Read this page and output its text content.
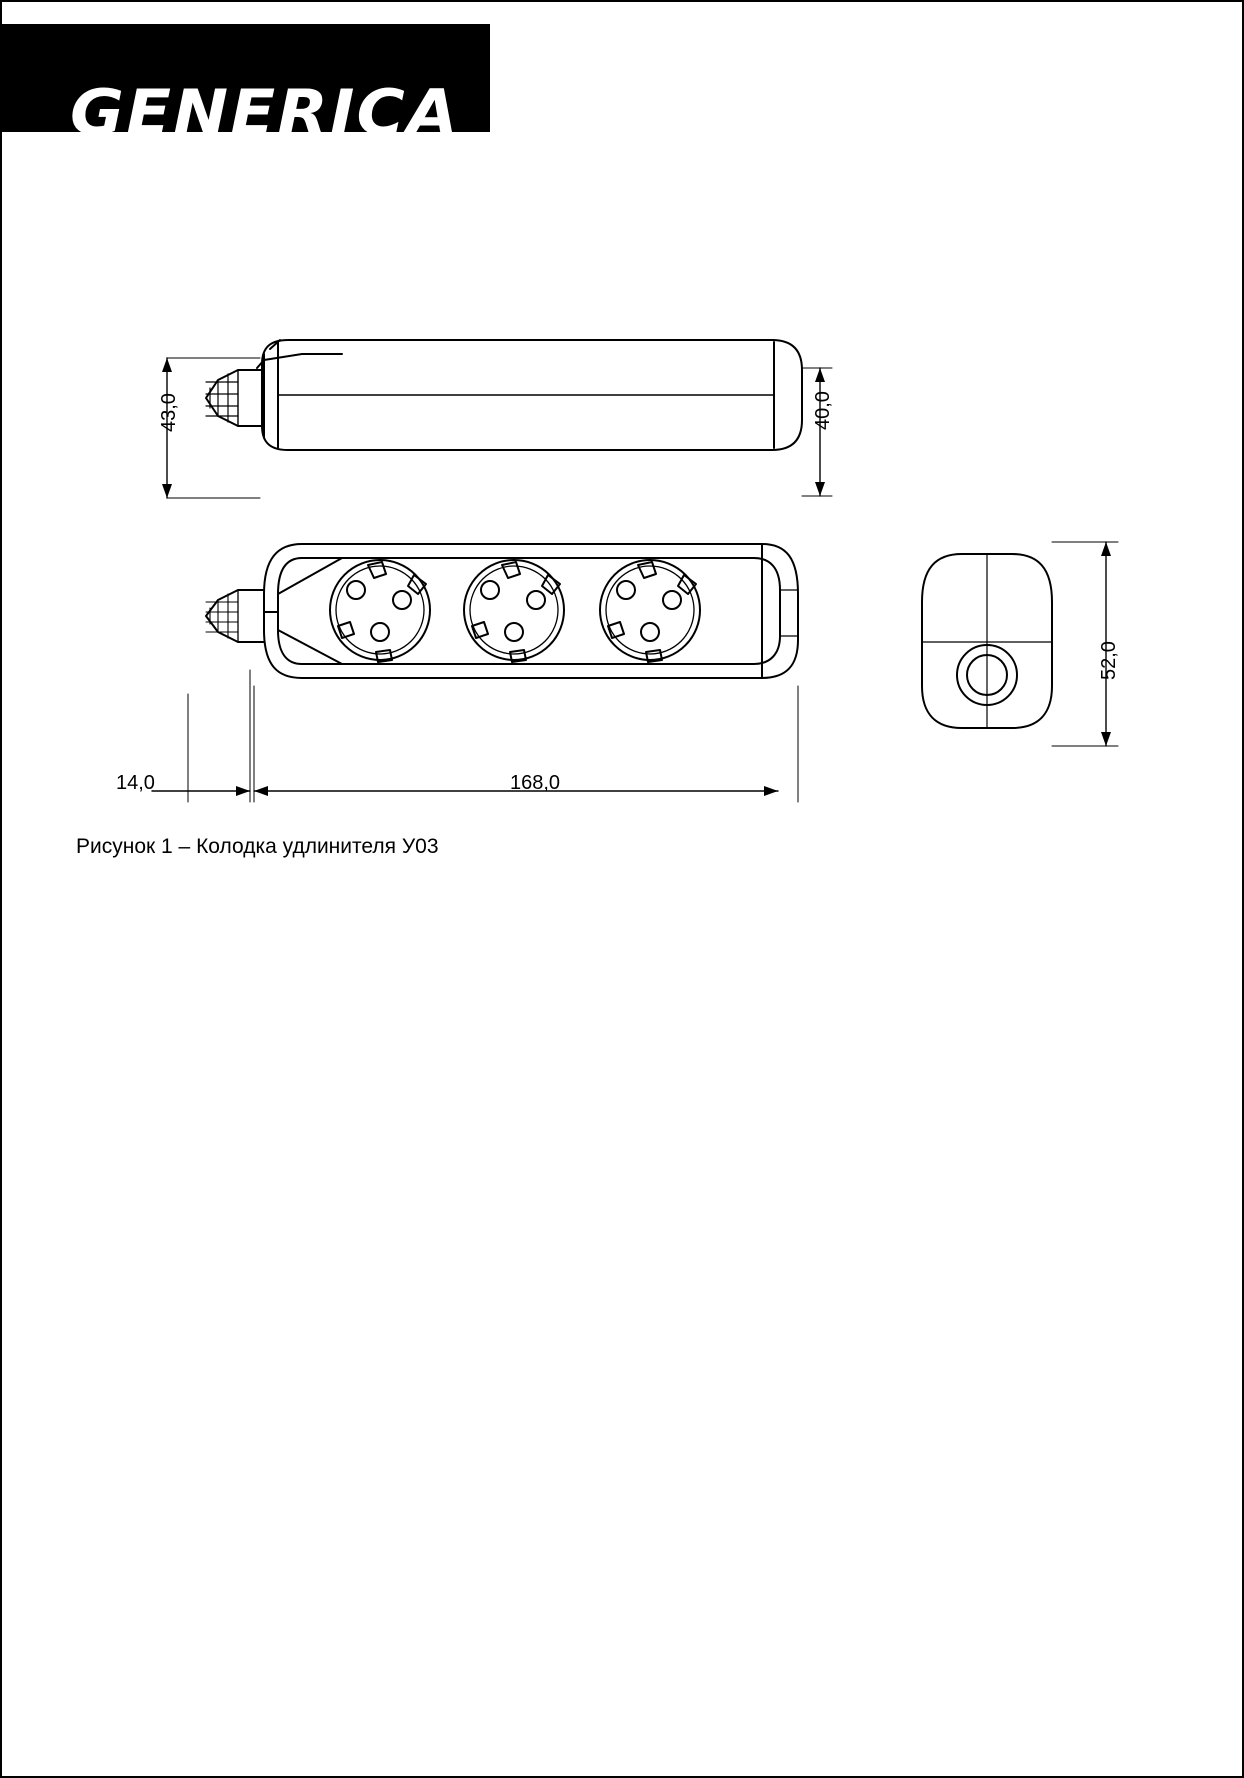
GENERICA
43,0	40,0
14,0	168,0
52,0
Рисунок 1 – Колодка удлинителя У03
